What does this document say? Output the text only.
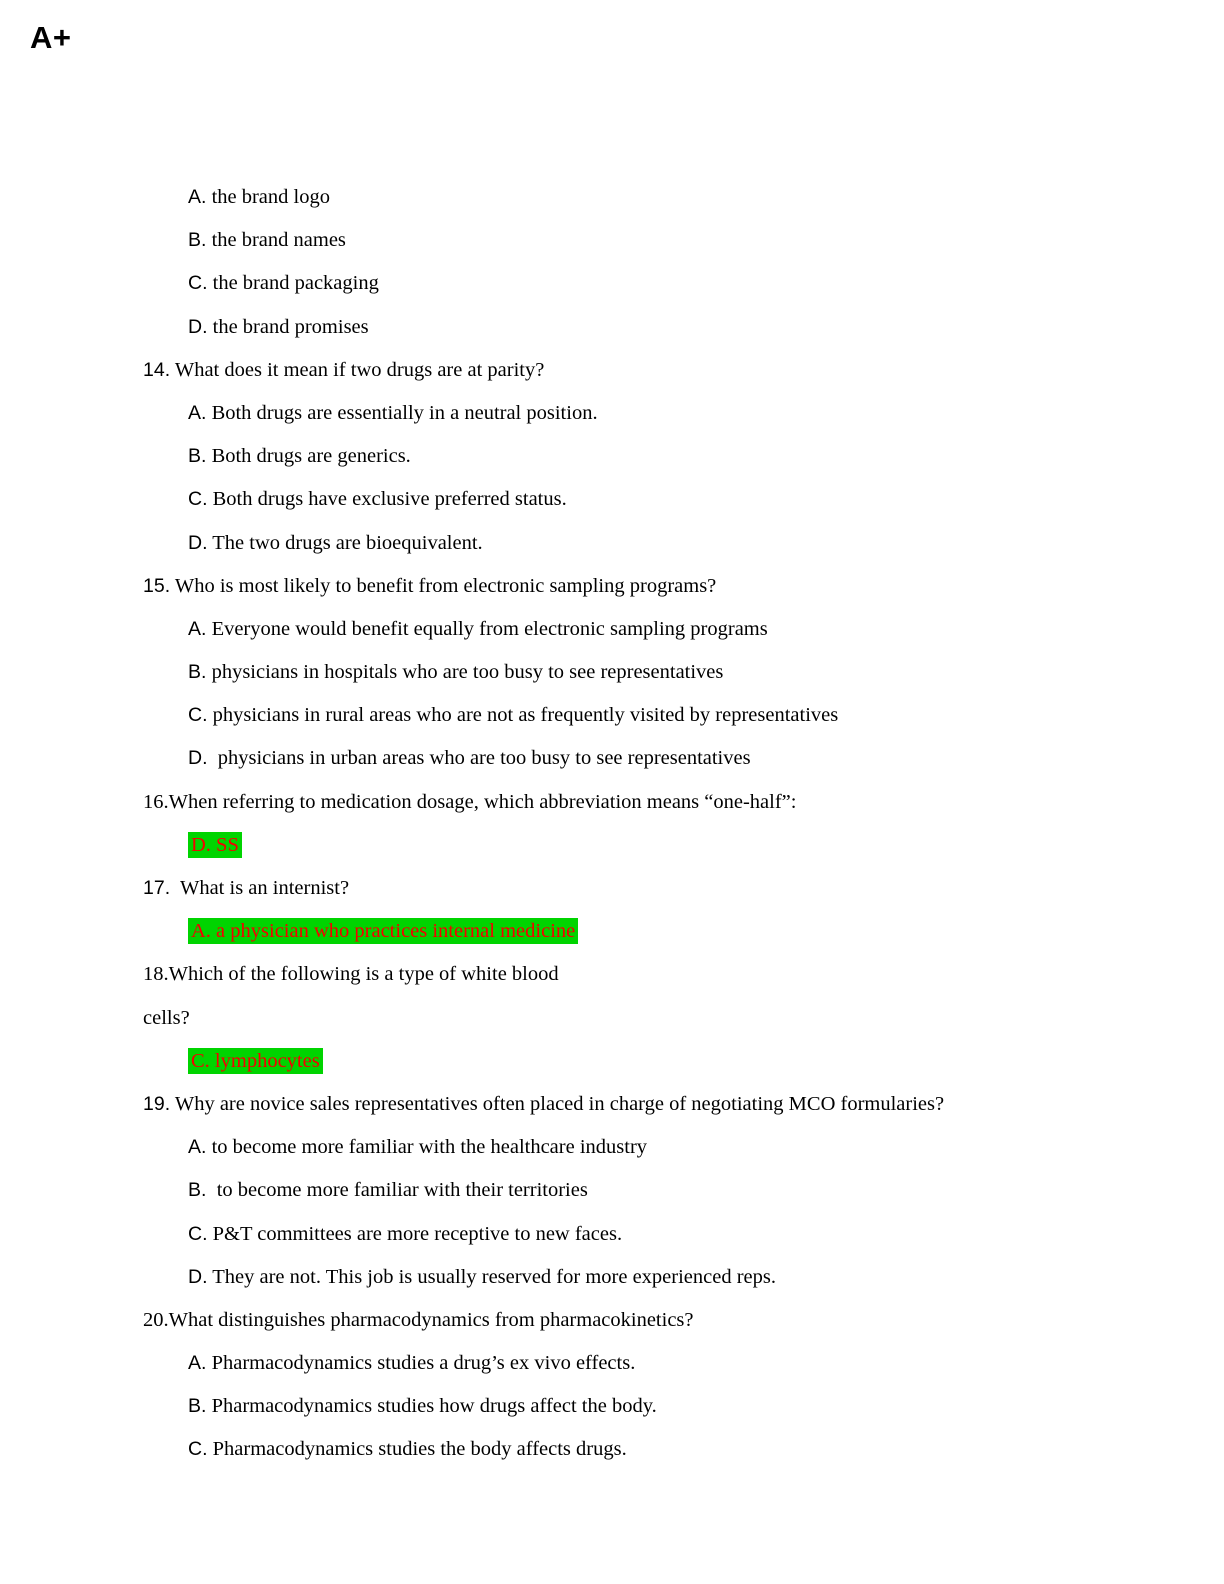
A+
A. the brand logo
B. the brand names
C. the brand packaging
D. the brand promises
14. What does it mean if two drugs are at parity?
A. Both drugs are essentially in a neutral position.
B. Both drugs are generics.
C. Both drugs have exclusive preferred status.
D. The two drugs are bioequivalent.
15. Who is most likely to benefit from electronic sampling programs?
A. Everyone would benefit equally from electronic sampling programs
B. physicians in hospitals who are too busy to see representatives
C. physicians in rural areas who are not as frequently visited by representatives
D.  physicians in urban areas who are too busy to see representatives
16.When referring to medication dosage, which abbreviation means “one-half”:
D. SS
17.  What is an internist?
A. a physician who practices internal medicine
18.Which of the following is a type of white blood
cells?
C. lymphocytes
19. Why are novice sales representatives often placed in charge of negotiating MCO formularies?
A. to become more familiar with the healthcare industry
B.  to become more familiar with their territories
C. P&T committees are more receptive to new faces.
D. They are not. This job is usually reserved for more experienced reps.
20.What distinguishes pharmacodynamics from pharmacokinetics?
A. Pharmacodynamics studies a drug’s ex vivo effects.
B. Pharmacodynamics studies how drugs affect the body.
C. Pharmacodynamics studies the body affects drugs.
